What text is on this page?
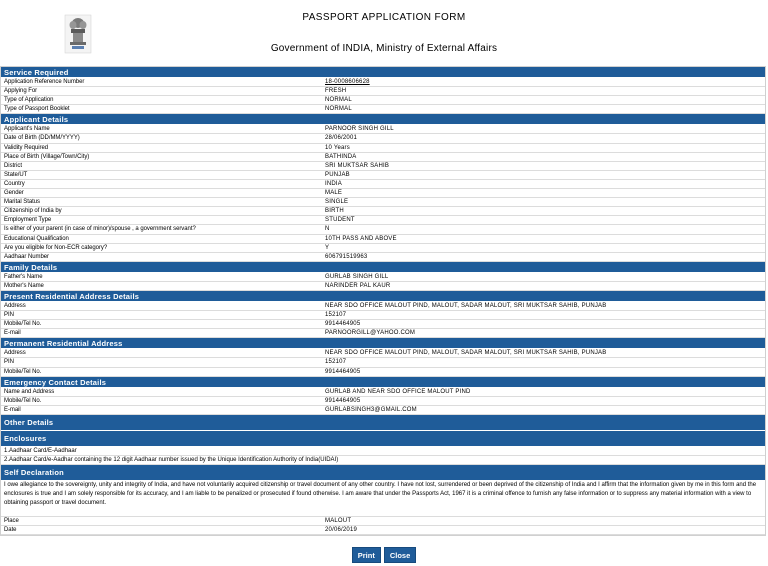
PASSPORT APPLICATION FORM
Government of INDIA, Ministry of External Affairs
Service Required
Application Reference Number	18-0008606628
Applying For	FRESH
Type of Application	NORMAL
Type of Passport Booklet	NORMAL
Applicant Details
Applicant's Name	PARNOOR SINGH GILL
Date of Birth (DD/MM/YYYY)	28/06/2001
Validity Required	10 Years
Place of Birth (Village/Town/City)	BATHINDA
District	SRI MUKTSAR SAHIB
State/UT	PUNJAB
Country	INDIA
Gender	MALE
Marital Status	SINGLE
Citizenship of India by	BIRTH
Employment Type	STUDENT
Is either of your parent (in case of minor)/spouse , a government servant?	N
Educational Qualification	10TH PASS AND ABOVE
Are you eligible for Non-ECR category?	Y
Aadhaar Number	606791519963
Family Details
Father's Name	GURLAB SINGH GILL
Mother's Name	NARINDER PAL KAUR
Present Residential Address Details
Address	NEAR SDO OFFICE MALOUT PIND, MALOUT, SADAR MALOUT, SRI MUKTSAR SAHIB, PUNJAB
PIN	152107
Mobile/Tel No.	9914464905
E-mail	PARNOORGILL@YAHOO.COM
Permanent Residential Address
Address	NEAR SDO OFFICE MALOUT PIND, MALOUT, SADAR MALOUT, SRI MUKTSAR SAHIB, PUNJAB
PIN	152107
Mobile/Tel No.	9914464905
Emergency Contact Details
Name and Address	GURLAB AND NEAR SDO OFFICE MALOUT PIND
Mobile/Tel No.	9914464905
E-mail	GURLABSINGH3@GMAIL.COM
Other Details
Enclosures
1.Aadhaar Card/E-Aadhaar
2.Aadhaar Card/e-Aadhar containing the 12 digit Aadhaar number issued by the Unique Identification Authority of India(UIDAI)
Self Declaration
I owe allegiance to the sovereignty, unity and integrity of India, and have not voluntarily acquired citizenship or travel document of any other country. I have not lost, surrendered or been deprived of the citizenship of India and I affirm that the information given by me in this form and the enclosures is true and I am solely responsible for its accuracy, and I am liable to be penalized or prosecuted if found otherwise. I am aware that under the Passports Act, 1967 it is a criminal offence to furnish any false information or to suppress any material information with a view to obtaining passport or travel document.
Place	MALOUT
Date	20/06/2019
Print	Close
